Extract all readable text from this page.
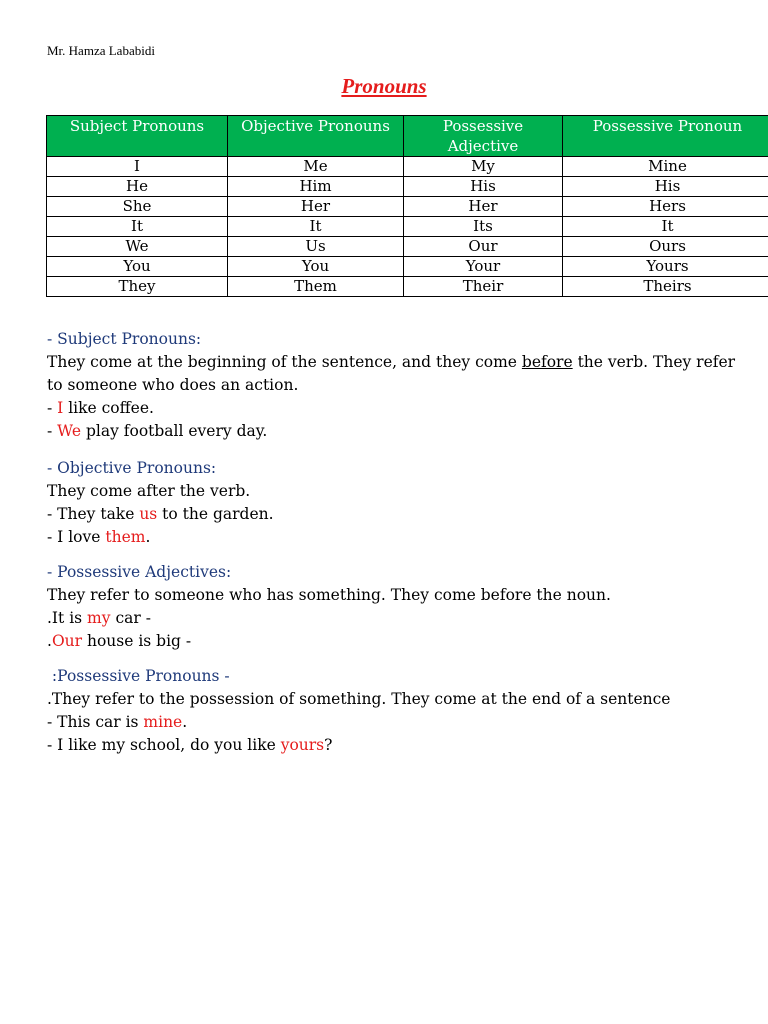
Mr. Hamza Lababidi
Pronouns
Subject Pronouns	Objective Pronouns	Possessive Adjective	Possessive Pronoun
I	Me	My	Mine
He	Him	His	His
She	Her	Her	Hers
It	It	Its	It
We	Us	Our	Ours
You	You	Your	Yours
They	Them	Their	Theirs
- Subject Pronouns:
They come at the beginning of the sentence, and they come before the verb. They refer to someone who does an action.
- I like coffee.
- We play football every day.
- Objective Pronouns:
They come after the verb.
- They take us to the garden.
- I love them.
- Possessive Adjectives:
They refer to someone who has something. They come before the noun.
.It is my car -
.Our house is big -
:Possessive Pronouns -
.They refer to the possession of something. They come at the end of a sentence
- This car is mine.
- I like my school, do you like yours?
